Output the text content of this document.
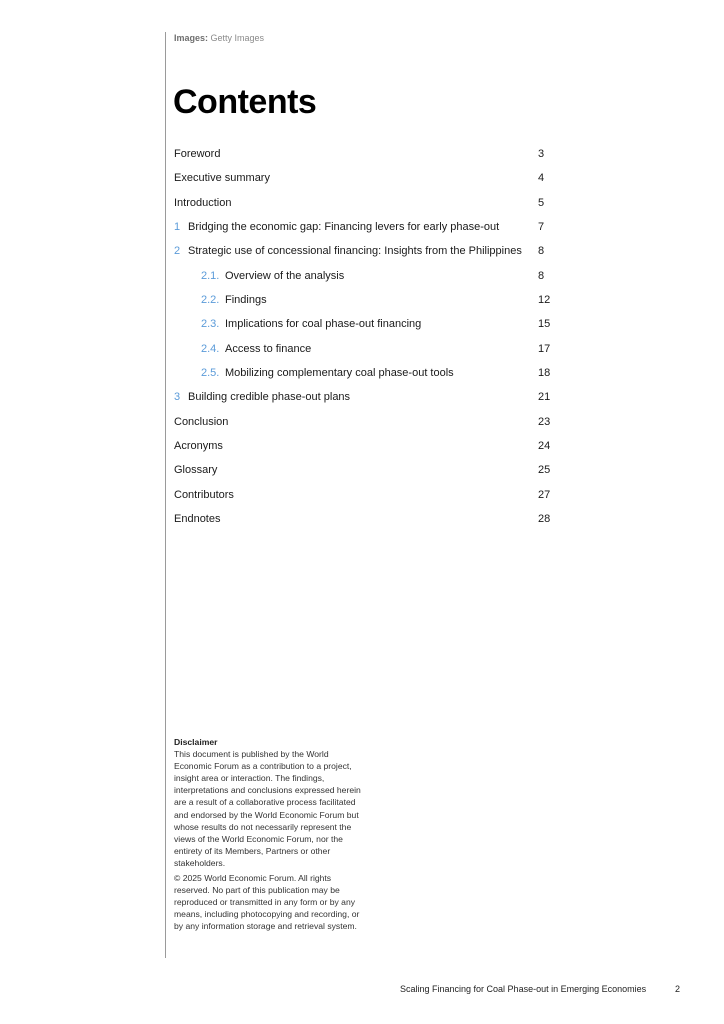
Images: Getty Images
Contents
Foreword	3
Executive summary	4
Introduction	5
1 Bridging the economic gap: Financing levers for early phase-out	7
2 Strategic use of concessional financing: Insights from the Philippines 8
2.1. Overview of the analysis	8
2.2. Findings	12
2.3. Implications for coal phase-out financing	15
2.4. Access to finance	17
2.5. Mobilizing complementary coal phase-out tools	18
3 Building credible phase-out plans	21
Conclusion	23
Acronyms	24
Glossary	25
Contributors	27
Endnotes	28
Disclaimer

This document is published by the World Economic Forum as a contribution to a project, insight area or interaction. The findings, interpretations and conclusions expressed herein are a result of a collaborative process facilitated and endorsed by the World Economic Forum but whose results do not necessarily represent the views of the World Economic Forum, nor the entirety of its Members, Partners or other stakeholders.

© 2025 World Economic Forum. All rights reserved. No part of this publication may be reproduced or transmitted in any form or by any means, including photocopying and recording, or by any information storage and retrieval system.

Scaling Financing for Coal Phase-out in Emerging Economies	2
